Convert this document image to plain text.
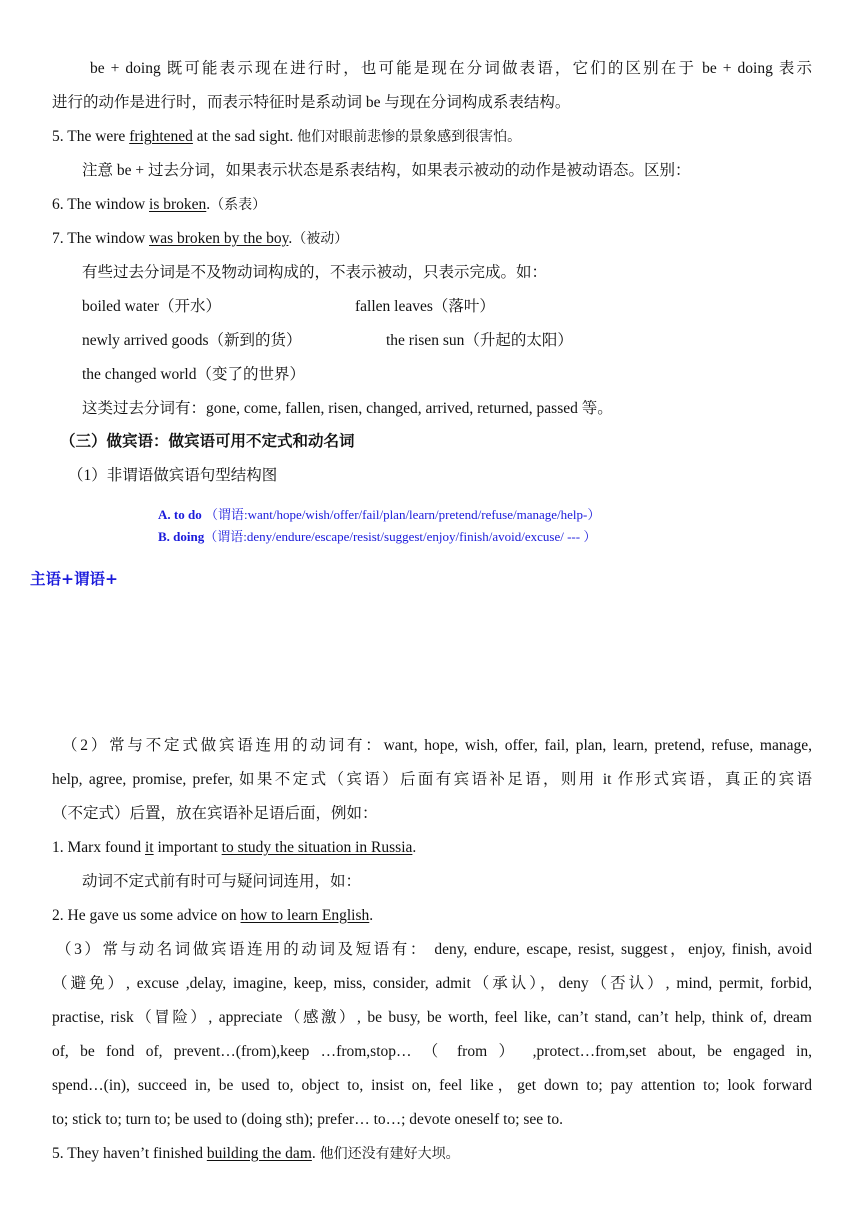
be + doing 既可能表示现在进行时，也可能是现在分词做表语，它们的区别在于 be + doing 表示
进行的动作是进行时，而表示特征时是系动词 be 与现在分词构成系表结构。
5. The were frightened at the sad sight. 他们对眼前悲惨的景象感到很害怕。
注意 be + 过去分词，如果表示状态是系表结构，如果表示被动的动作是被动语态。区别：
6. The window is broken.（系表）
7. The window was broken by the boy.（被动）
有些过去分词是不及物动词构成的，不表示被动，只表示完成。如：
boiled water（开水）	fallen leaves（落叶）
newly arrived goods（新到的货）	the risen sun（升起的太阳）
the changed world（变了的世界）
这类过去分词有：gone, come, fallen, risen, changed, arrived, returned, passed 等。
（三）做宾语：做宾语可用不定式和动名词
（1）非谓语做宾语句型结构图
A. to do （谓语:want/hope/wish/offer/fail/plan/learn/pretend/refuse/manage/help-）
B. doing（谓语:deny/endure/escape/resist/suggest/enjoy/finish/avoid/excuse/ --- ）
主语+谓语+
（2）常与不定式做宾语连用的动词有：want, hope, wish, offer, fail, plan, learn, pretend, refuse, manage,
help, agree, promise, prefer, 如果不定式（宾语）后面有宾语补足语，则用 it 作形式宾语，真正的宾语
（不定式）后置，放在宾语补足语后面，例如：
1. Marx found it important to study the situation in Russia.
动词不定式前有时可与疑问词连用，如：
2. He gave us some advice on how to learn English.
（3）常与动名词做宾语连用的动词及短语有： deny, endure, escape, resist, suggest，enjoy, finish, avoid
（避免）, excuse ,delay, imagine, keep, miss, consider, admit（承认），deny（否认）, mind, permit, forbid,
practise, risk（冒险）, appreciate（感激）, be busy, be worth, feel like, can’t stand, can’t help, think of, dream
of, be fond of, prevent…(from),keep …from,stop… （ from ） ,protect…from,set about, be engaged in,
spend…(in), succeed in, be used to, object to, insist on, feel like，get down to; pay attention to; look forward
to; stick to; turn to; be used to (doing sth); prefer… to…; devote oneself to; see to.
5. They haven’t finished building the dam. 他们还没有建好大坝。
